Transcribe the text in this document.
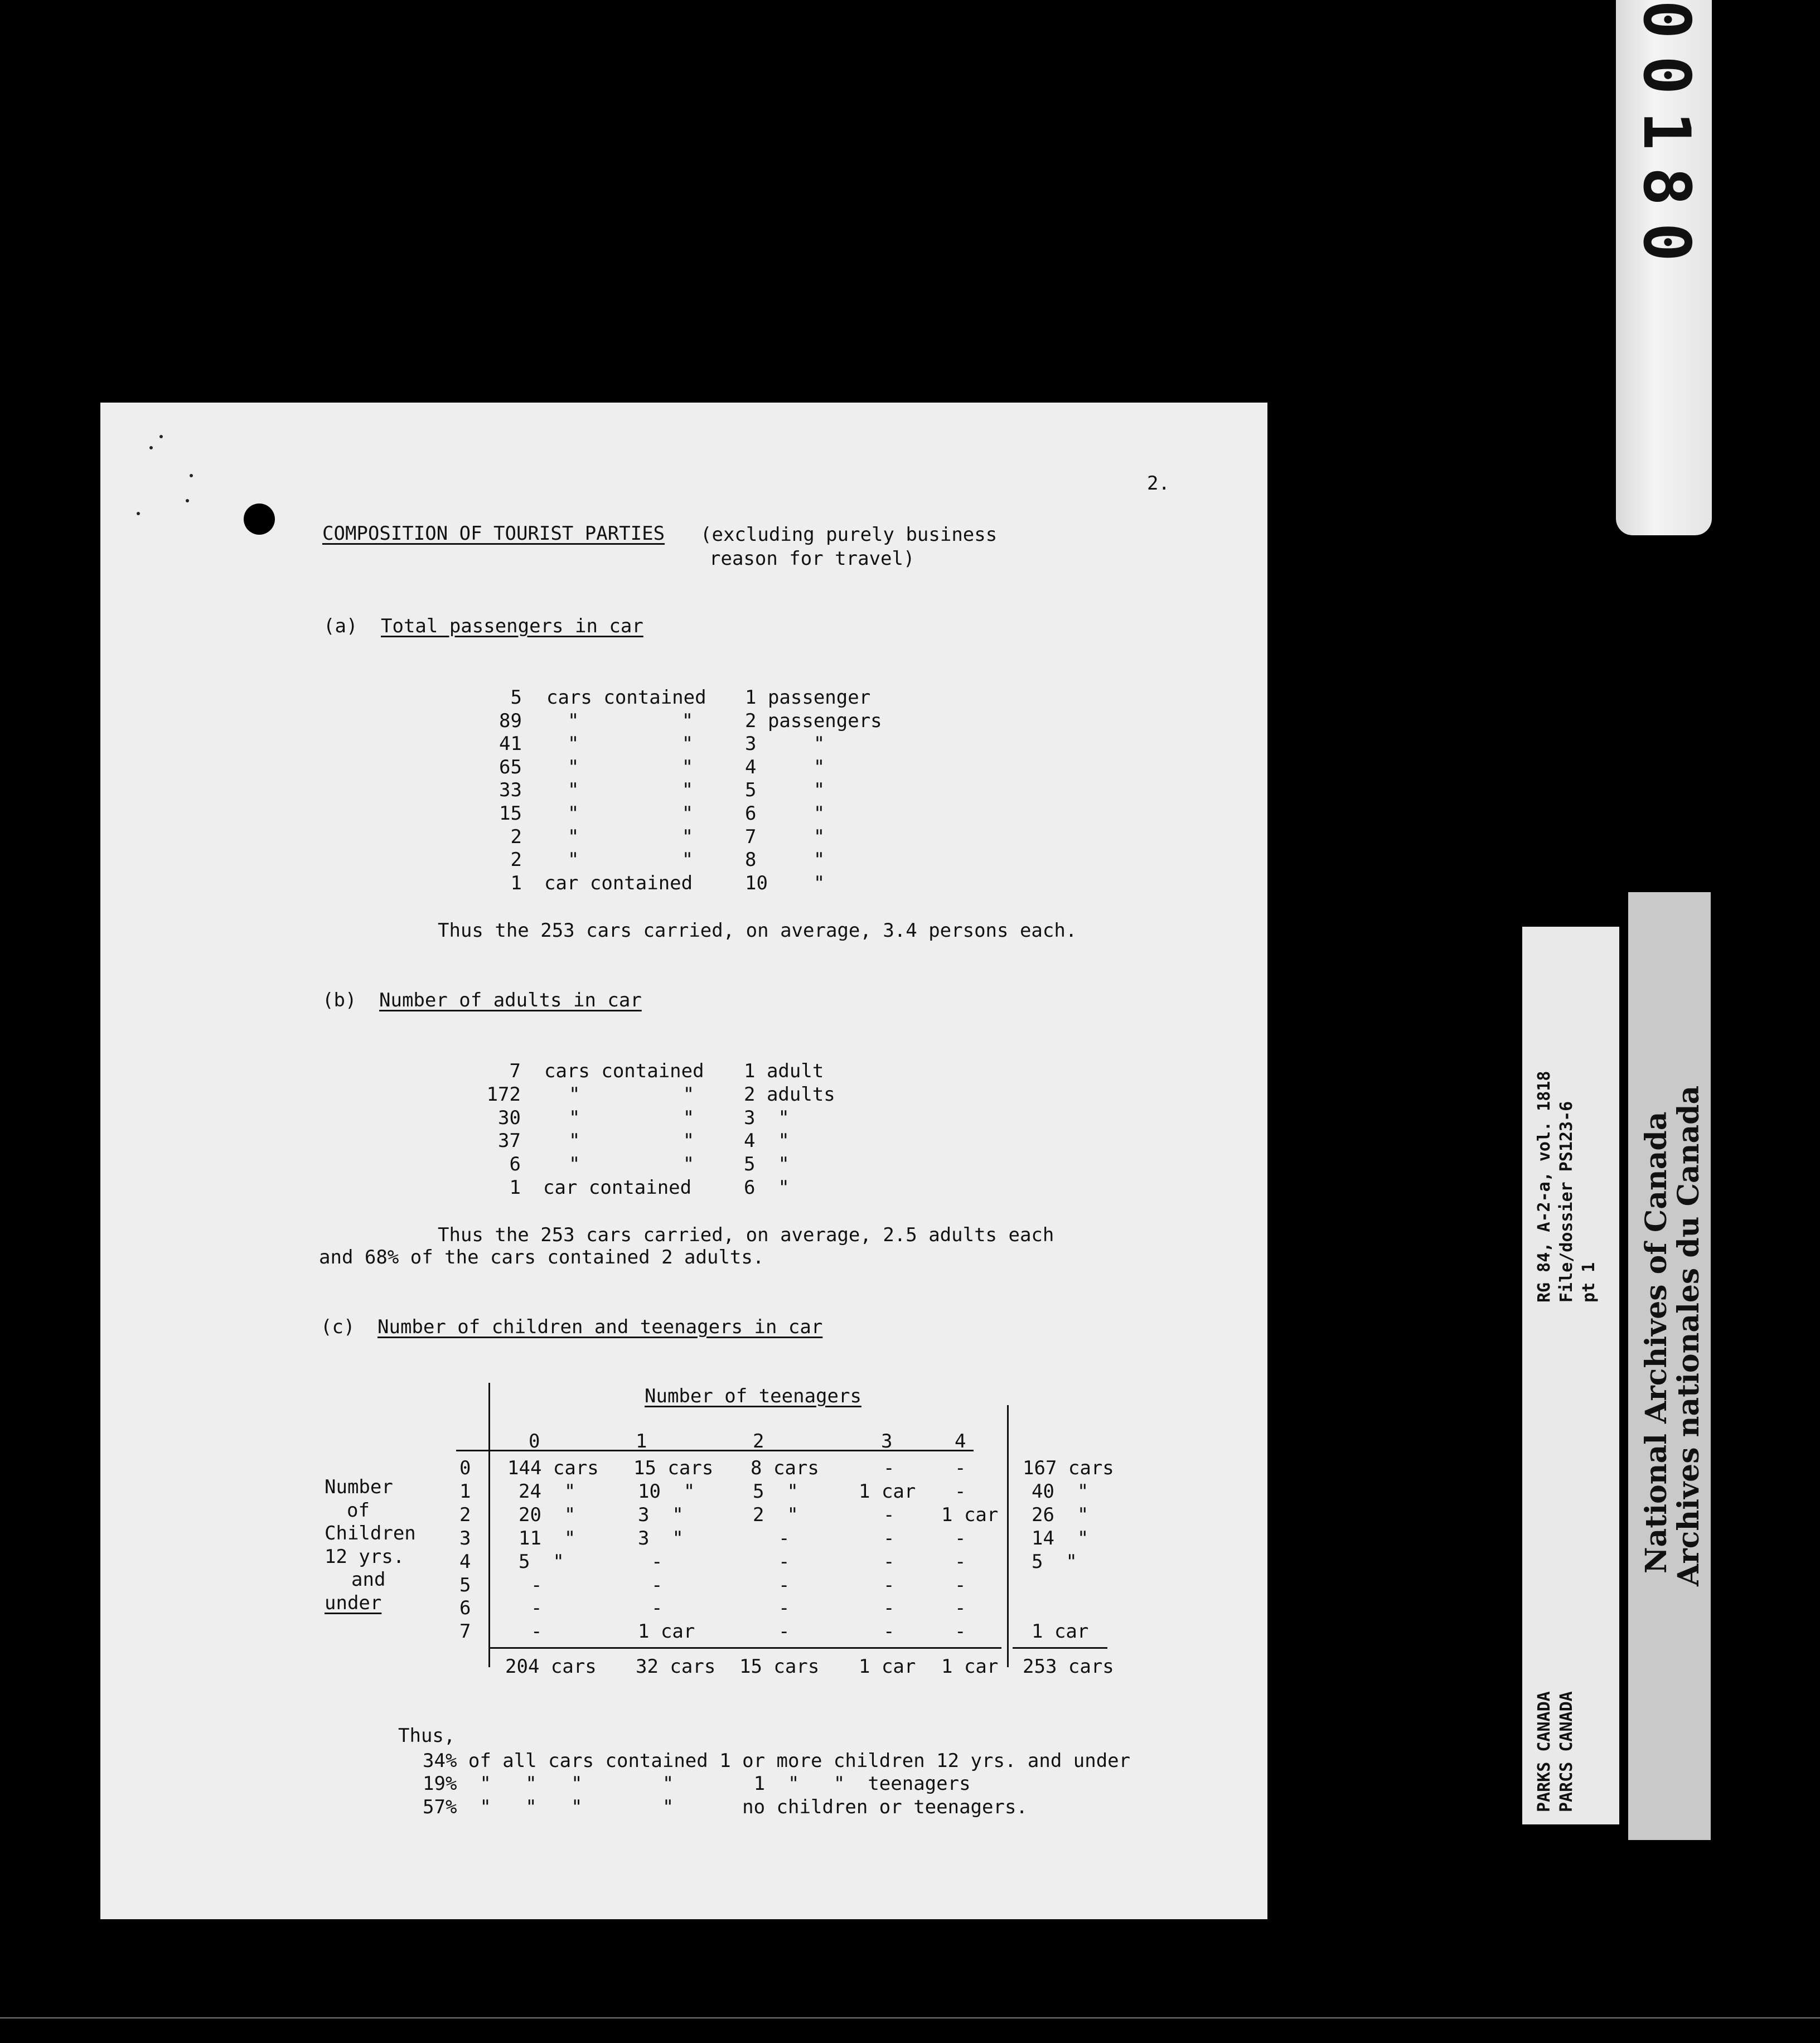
2.
COMPOSITION OF TOURIST PARTIES (excluding purely business
reason for travel)
(a) Total passengers in car
5 cars contained 1 passenger
89 "         "	2 passengers
41 "         "	3     "
65 "         "	4     "
33 "         "	5     "
15 "         "	6     "
2 "         "	7     "
2 "         "	8     "
1 car contained	10    "
Thus the 253 cars carried, on average, 3.4 persons each.
(b) Number of adults in car
7 cars contained 1 adult
172	"         "	2 adults
30	"         "	3  "
37	"         "	4  "
6	"         "	5  "
1 car contained	6  "
Thus the 253 cars carried, on average, 2.5 adults each
and 68% of the cars contained 2 adults.
(c) Number of children and teenagers in car
Number of teenagers
0	1	2	3	4
Number
of
Children
12 yrs.
and
under
0 144 cars 15 cars 8 cars	-	-	167 cars
1	24  "	10  "	5  "	1 car -	40  "
2	20  "	3  "	2  "	- 1 car 26  "
3	11  "	3  "	-	-	-	14  "
4	5  "	-	-	-	-	5  "
5	-	-	-	-	-
6	-	-	-	-	-
7	-	1 car	-	-	-	1 car
204 cars 32 cars 15 cars 1 car 1 car 253 cars
Thus,
34% of all cars contained 1 or more children 12 yrs. and under
19%  "   "   "       "       1  "   "  teenagers
57%  "   "   "       "      no children or teenagers.
00180
RG 84, A-2-a, vol. 1818 File/dossier PS123-6 pt 1
PARKS CANADA PARCS CANADA
National Archives of Canada
Archives nationales du Canada
